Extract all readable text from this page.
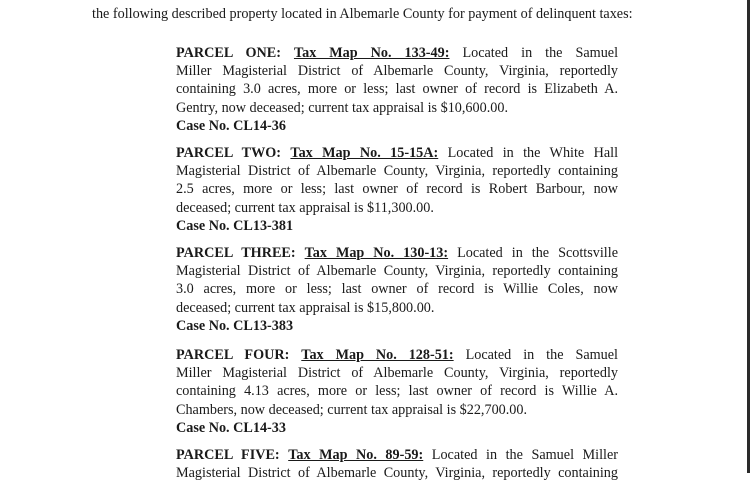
the following described property located in Albemarle County for payment of delinquent taxes:
PARCEL ONE: Tax Map No. 133-49: Located in the Samuel
Miller Magisterial District of Albemarle County, Virginia, reportedly
containing 3.0 acres, more or less; last owner of record is Elizabeth A.
Gentry, now deceased; current tax appraisal is $10,600.00.
Case No. CL14-36
PARCEL TWO: Tax Map No. 15-15A: Located in the White Hall
Magisterial District of Albemarle County, Virginia, reportedly containing
2.5 acres, more or less; last owner of record is Robert Barbour, now
deceased; current tax appraisal is $11,300.00.
Case No. CL13-381
PARCEL THREE: Tax Map No. 130-13: Located in the Scottsville
Magisterial District of Albemarle County, Virginia, reportedly containing
3.0 acres, more or less; last owner of record is Willie Coles, now
deceased; current tax appraisal is $15,800.00.
Case No. CL13-383
PARCEL FOUR: Tax Map No. 128-51: Located in the Samuel
Miller Magisterial District of Albemarle County, Virginia, reportedly
containing 4.13 acres, more or less; last owner of record is Willie A.
Chambers, now deceased; current tax appraisal is $22,700.00.
Case No. CL14-33
PARCEL FIVE: Tax Map No. 89-59: Located in the Samuel Miller
Magisterial District of Albemarle County, Virginia, reportedly containing
